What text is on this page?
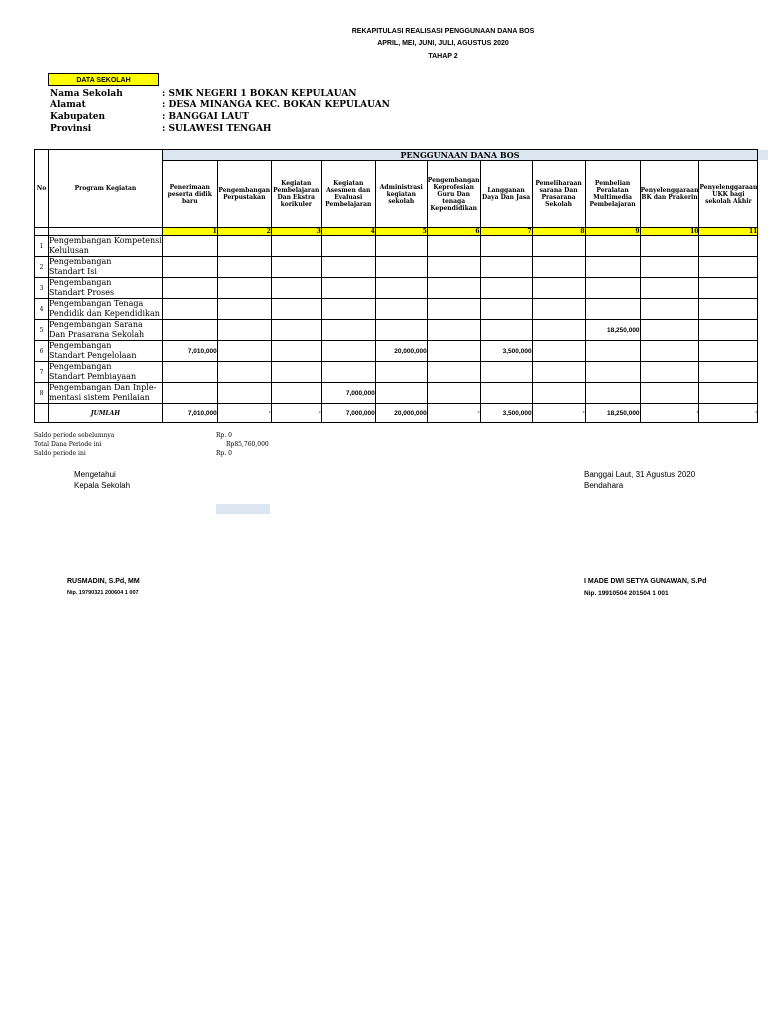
REKAPITULASI REALISASI PENGGUNAAN DANA BOS
APRIL, MEI, JUNI, JULI, AGUSTUS 2020
TAHAP 2
DATA SEKOLAH
Nama Sekolah	: SMK NEGERI 1 BOKAN KEPULAUAN
Alamat	: DESA MINANGA KEC. BOKAN KEPULAUAN
Kabupaten	: BANGGAI LAUT
Provinsi	: SULAWESI TENGAH
No	Program Kegiatan	PENGGUNAAN DANA BOS										
		Penerimaan peserta didik baru	Pengembangan Perpustakan	Kegiatan Pembelajaran Dan Ekstra korikuler	Kegiatan Asesmen dan Evaluasi Pembelajaran	Administrasi kegiatan sekolah	Pengembangan Keprofesian Guru Dan tenaga Kependidikan	Langganan Daya Dan Jasa	Pemeliharaan sarana Dan Prasarana Sekolah	Pembelian Peralatan Multimedia Pembelajaran	Penyelenggaraan BK dan Prakerin	Penyelenggaraan UKK bagi sekolah Akhir
		1	2	3	4	5	6	7	8	9	10	11
1	Pengembangan Kompetensi
Kelulusan											

2	Pengembangan
Standart Isi											

3	Pengembangan
Standart Proses											

4	Pengembangan Tenaga
Pendidik dan Kependidikan											

5	Pengembangan Sarana
Dan Prasarana Sekolah									18,250,000		
6	Pengembangan
Standart Pengelolaan	7,010,000				20,000,000		3,500,000				
7	Pengembangan
Standart Pembiayaan											

8	Pengembangan Dan Inple-
mentasi sistem Penilaian				7,000,000							
	JUMLAH	7,010,000	-	-	7,000,000	20,000,000	-	3,500,000	-	18,250,000	-	-
Saldo periode sebelumnya	Rp. 0
Total Dana Periode ini	Rp85,760,000
Saldo periode ini	Rp. 0
Mengetahui
Kepala Sekolah
Banggai Laut, 31 Agustus 2020
Bendahara
RUSMADIN, S.Pd, MM
Nip. 19790321 200604 1 007
I MADE DWI SETYA GUNAWAN, S.Pd
Nip. 19910504 201504 1 001
